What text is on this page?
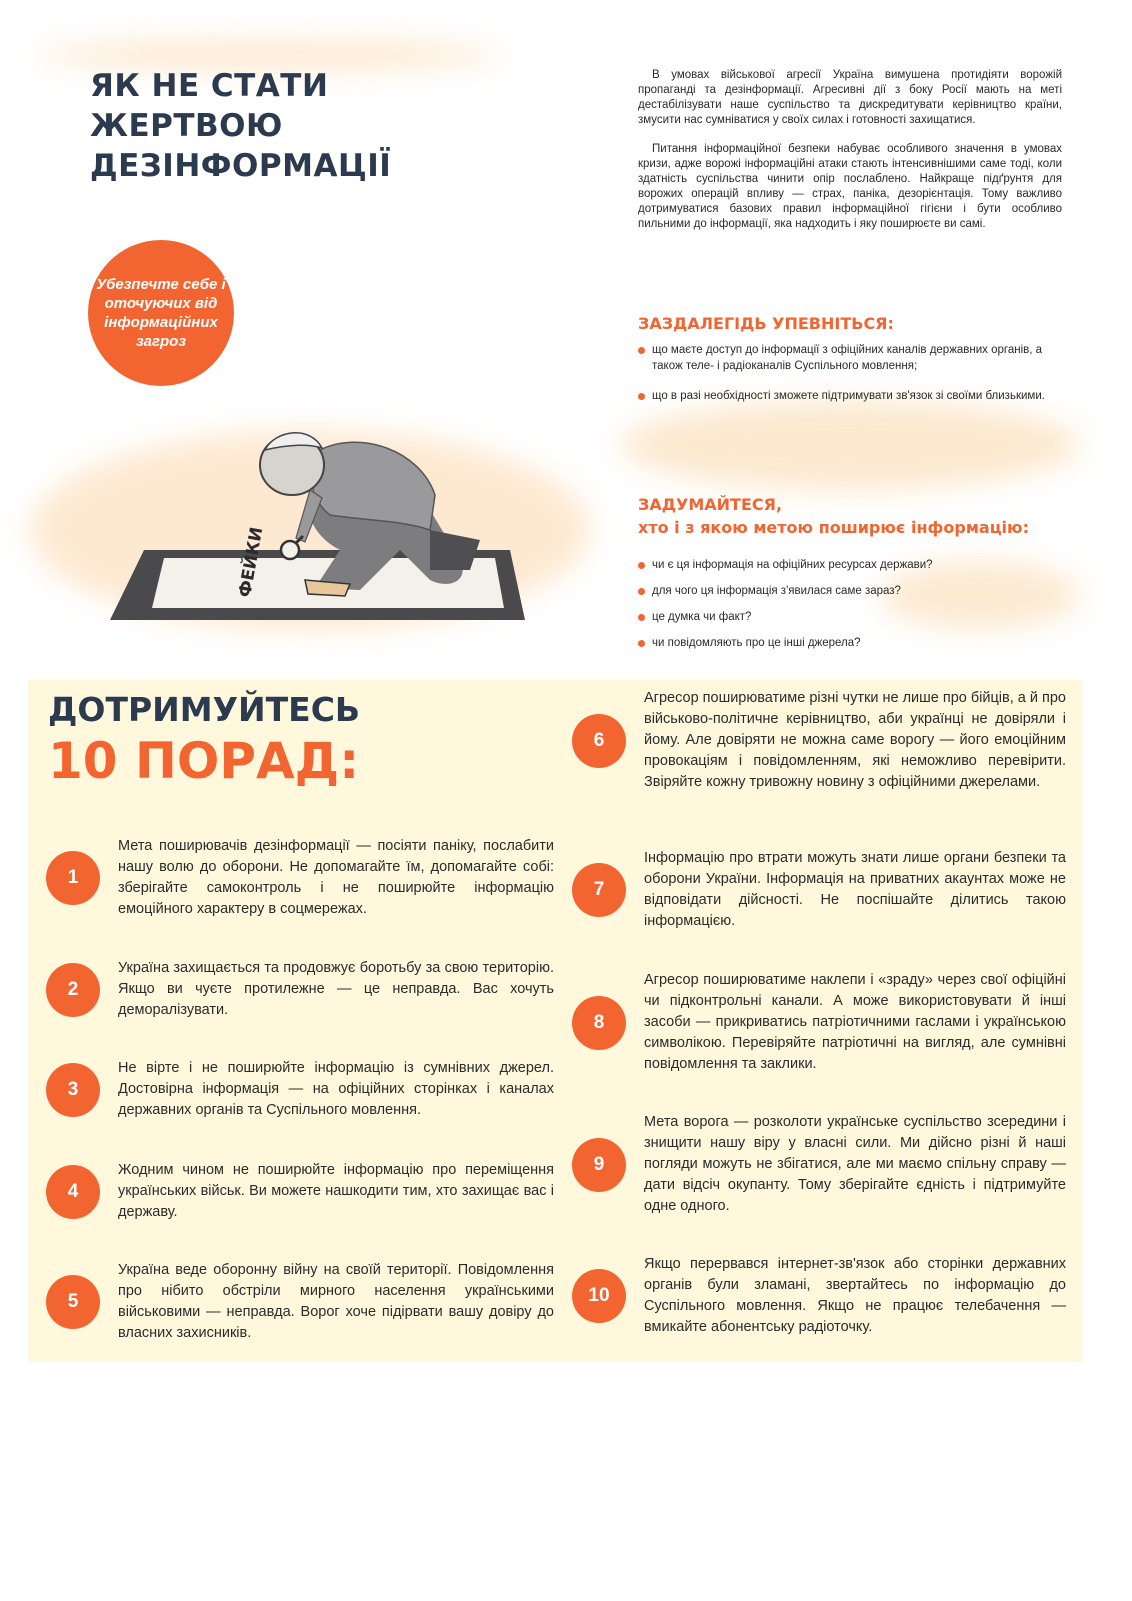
ЯК НЕ СТАТИ
ЖЕРТВОЮ
ДЕЗІНФОРМАЦІЇ
Убезпечте себе і оточуючих від інформаційних загроз

В умовах військової агресії Україна вимушена протидіяти ворожій пропаганді та дезінформації. Агресивні дії з боку Росії мають на меті дестабілізувати наше суспільство та дискредитувати керівництво країни, змусити нас сумніватися у своїх силах і готовності захищатися.

Питання інформаційної безпеки набуває особливого значення в умовах кризи, адже ворожі інформаційні атаки стають інтенсивнішими саме тоді, коли здатність суспільства чинити опір послаблено. Найкраще підґрунтя для ворожих операцій впливу — страх, паніка, дезорієнтація. Тому важливо дотримуватися базових правил інформаційної гігієни і бути особливо пильними до інформації, яка надходить і яку поширюєте ви самі.

ЗАЗДАЛЕГІДЬ УПЕВНІТЬСЯ:
що маєте доступ до інформації з офіційних каналів державних органів, а також теле- і радіоканалів Суспільного мовлення;
що в разі необхідності зможете підтримувати зв'язок зі своїми близькими.
ЗАДУМАЙТЕСЯ,
хто і з якою метою поширює інформацію:
чи є ця інформація на офіційних ресурсах держави?
для чого ця інформація з'явилася саме зараз?
це думка чи факт?
чи повідомляють про це інші джерела?
ФЕЙКИ
ДОТРИМУЙТЕСЬ
10 ПОРАД:
1
Мета поширювачів дезінформації — посіяти паніку, послабити нашу волю до оборони. Не допомагайте їм, допомагайте собі: зберігайте самоконтроль і не поширюйте інформацію емоційного характеру в соцмережах.
2
Україна захищається та продовжує боротьбу за свою територію. Якщо ви чуєте протилежне — це неправда. Вас хочуть деморалізувати.
3
Не вірте і не поширюйте інформацію із сумнівних джерел. Достовірна інформація — на офіційних сторінках і каналах державних органів та Суспільного мовлення.
4
Жодним чином не поширюйте інформацію про переміщення українських військ. Ви можете нашкодити тим, хто захищає вас і державу.
5
Україна веде оборонну війну на своїй території. Повідомлення про нібито обстріли мирного населення українськими військовими — неправда. Ворог хоче підірвати вашу довіру до власних захисників.
6
Агресор поширюватиме різні чутки не лише про бійців, а й про військово-політичне керівництво, аби українці не довіряли і йому. Але довіряти не можна саме ворогу — його емоційним провокаціям і повідомленням, які неможливо перевірити. Звіряйте кожну тривожну новину з офіційними джерелами.
7
Інформацію про втрати можуть знати лише органи безпеки та оборони України. Інформація на приватних акаунтах може не відповідати дійсності. Не поспішайте ділитись такою інформацією.
8
Агресор поширюватиме наклепи і «зраду» через свої офіційні чи підконтрольні канали. А може використовувати й інші засоби — прикриватись патріотичними гаслами і українською символікою. Перевіряйте патріотичні на вигляд, але сумнівні повідомлення та заклики.
9
Мета ворога — розколоти українське суспільство зсередини і знищити нашу віру у власні сили. Ми дійсно різні й наші погляди можуть не збігатися, але ми маємо спільну справу — дати відсіч окупанту. Тому зберігайте єдність і підтримуйте одне одного.
10
Якщо перервався інтернет-зв'язок або сторінки державних органів були зламані, звертайтесь по інформацію до Суспільного мовлення. Якщо не працює телебачення — вмикайте абонентську радіоточку.
